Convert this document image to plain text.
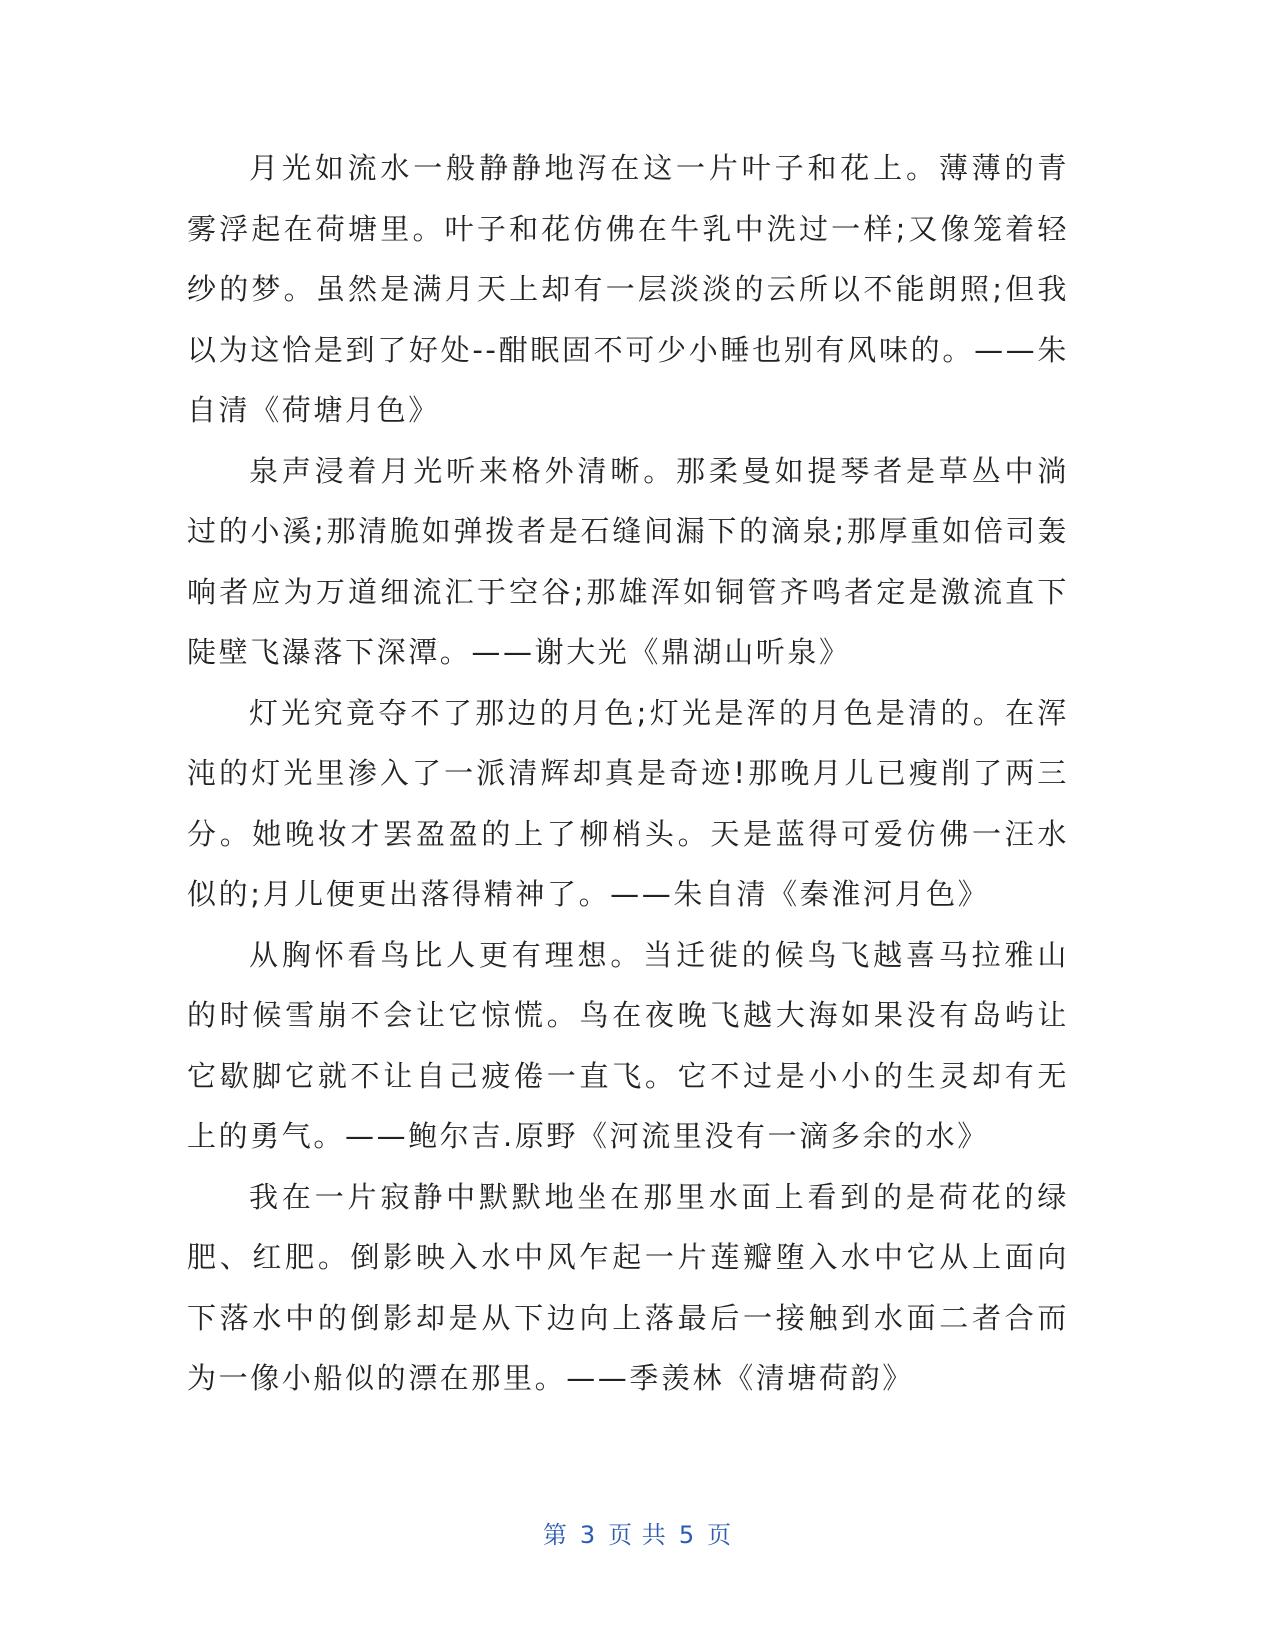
月光如流水一般静静地泻在这一片叶子和花上。薄薄的青雾浮起在荷塘里。叶子和花仿佛在牛乳中洗过一样;又像笼着轻纱的梦。虽然是满月天上却有一层淡淡的云所以不能朗照;但我以为这恰是到了好处--酣眠固不可少小睡也别有风味的。——朱自清《荷塘月色》

泉声浸着月光听来格外清晰。那柔曼如提琴者是草丛中淌过的小溪;那清脆如弹拨者是石缝间漏下的滴泉;那厚重如倍司轰响者应为万道细流汇于空谷;那雄浑如铜管齐鸣者定是激流直下陡壁飞瀑落下深潭。——谢大光《鼎湖山听泉》

灯光究竟夺不了那边的月色;灯光是浑的月色是清的。在浑沌的灯光里渗入了一派清辉却真是奇迹!那晚月儿已瘦削了两三分。她晚妆才罢盈盈的上了柳梢头。天是蓝得可爱仿佛一汪水似的;月儿便更出落得精神了。——朱自清《秦淮河月色》

从胸怀看鸟比人更有理想。当迁徙的候鸟飞越喜马拉雅山的时候雪崩不会让它惊慌。鸟在夜晚飞越大海如果没有岛屿让它歇脚它就不让自己疲倦一直飞。它不过是小小的生灵却有无上的勇气。——鲍尔吉.原野《河流里没有一滴多余的水》

我在一片寂静中默默地坐在那里水面上看到的是荷花的绿肥、红肥。倒影映入水中风乍起一片莲瓣堕入水中它从上面向下落水中的倒影却是从下边向上落最后一接触到水面二者合而为一像小船似的漂在那里。——季羡林《清塘荷韵》

第 3 页 共 5 页
